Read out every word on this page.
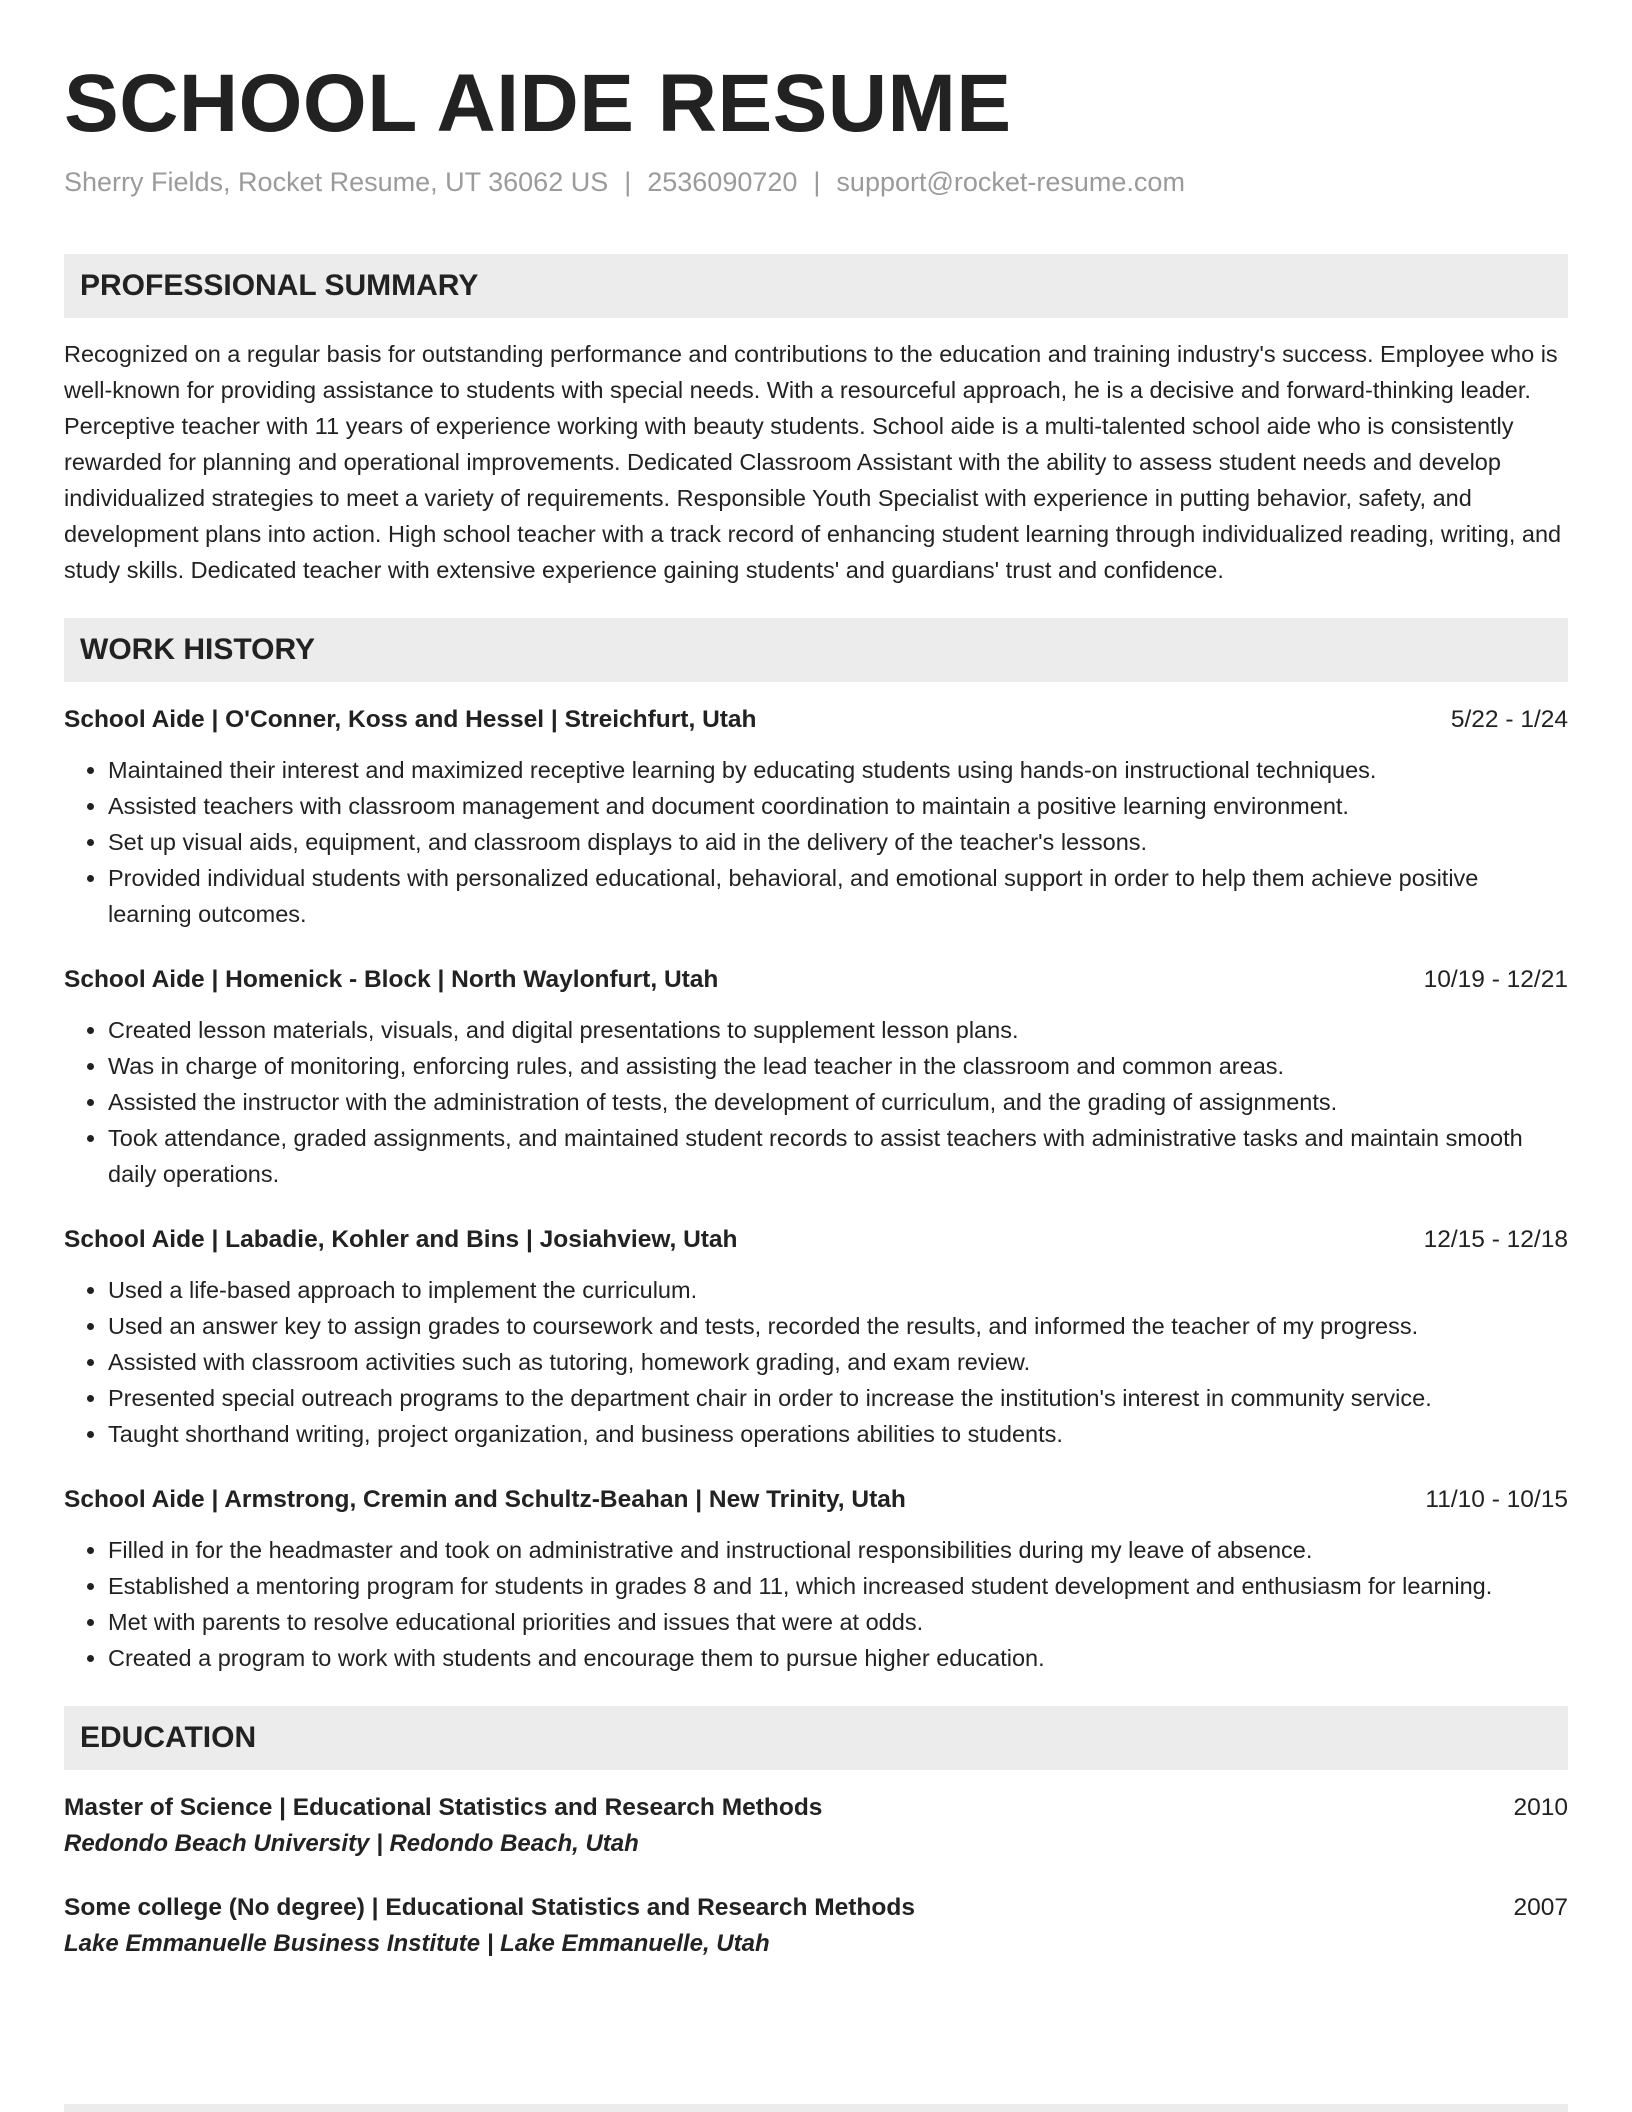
SCHOOL AIDE RESUME
Sherry Fields, Rocket Resume, UT 36062 US | 2536090720 | support@rocket-resume.com
PROFESSIONAL SUMMARY
Recognized on a regular basis for outstanding performance and contributions to the education and training industry's success. Employee who is well-known for providing assistance to students with special needs. With a resourceful approach, he is a decisive and forward-thinking leader. Perceptive teacher with 11 years of experience working with beauty students. School aide is a multi-talented school aide who is consistently rewarded for planning and operational improvements. Dedicated Classroom Assistant with the ability to assess student needs and develop individualized strategies to meet a variety of requirements. Responsible Youth Specialist with experience in putting behavior, safety, and development plans into action. High school teacher with a track record of enhancing student learning through individualized reading, writing, and study skills. Dedicated teacher with extensive experience gaining students' and guardians' trust and confidence.
WORK HISTORY
School Aide | O'Conner, Koss and Hessel | Streichfurt, Utah	5/22 - 1/24
• Maintained their interest and maximized receptive learning by educating students using hands-on instructional techniques.
• Assisted teachers with classroom management and document coordination to maintain a positive learning environment.
• Set up visual aids, equipment, and classroom displays to aid in the delivery of the teacher's lessons.
• Provided individual students with personalized educational, behavioral, and emotional support in order to help them achieve positive learning outcomes.
School Aide | Homenick - Block | North Waylonfurt, Utah	10/19 - 12/21
• Created lesson materials, visuals, and digital presentations to supplement lesson plans.
• Was in charge of monitoring, enforcing rules, and assisting the lead teacher in the classroom and common areas.
• Assisted the instructor with the administration of tests, the development of curriculum, and the grading of assignments.
• Took attendance, graded assignments, and maintained student records to assist teachers with administrative tasks and maintain smooth daily operations.
School Aide | Labadie, Kohler and Bins | Josiahview, Utah	12/15 - 12/18
• Used a life-based approach to implement the curriculum.
• Used an answer key to assign grades to coursework and tests, recorded the results, and informed the teacher of my progress.
• Assisted with classroom activities such as tutoring, homework grading, and exam review.
• Presented special outreach programs to the department chair in order to increase the institution's interest in community service.
• Taught shorthand writing, project organization, and business operations abilities to students.
School Aide | Armstrong, Cremin and Schultz-Beahan | New Trinity, Utah	11/10 - 10/15
• Filled in for the headmaster and took on administrative and instructional responsibilities during my leave of absence.
• Established a mentoring program for students in grades 8 and 11, which increased student development and enthusiasm for learning.
• Met with parents to resolve educational priorities and issues that were at odds.
• Created a program to work with students and encourage them to pursue higher education.
EDUCATION
Master of Science | Educational Statistics and Research Methods	2010
Redondo Beach University | Redondo Beach, Utah
Some college (No degree) | Educational Statistics and Research Methods	2007
Lake Emmanuelle Business Institute | Lake Emmanuelle, Utah
